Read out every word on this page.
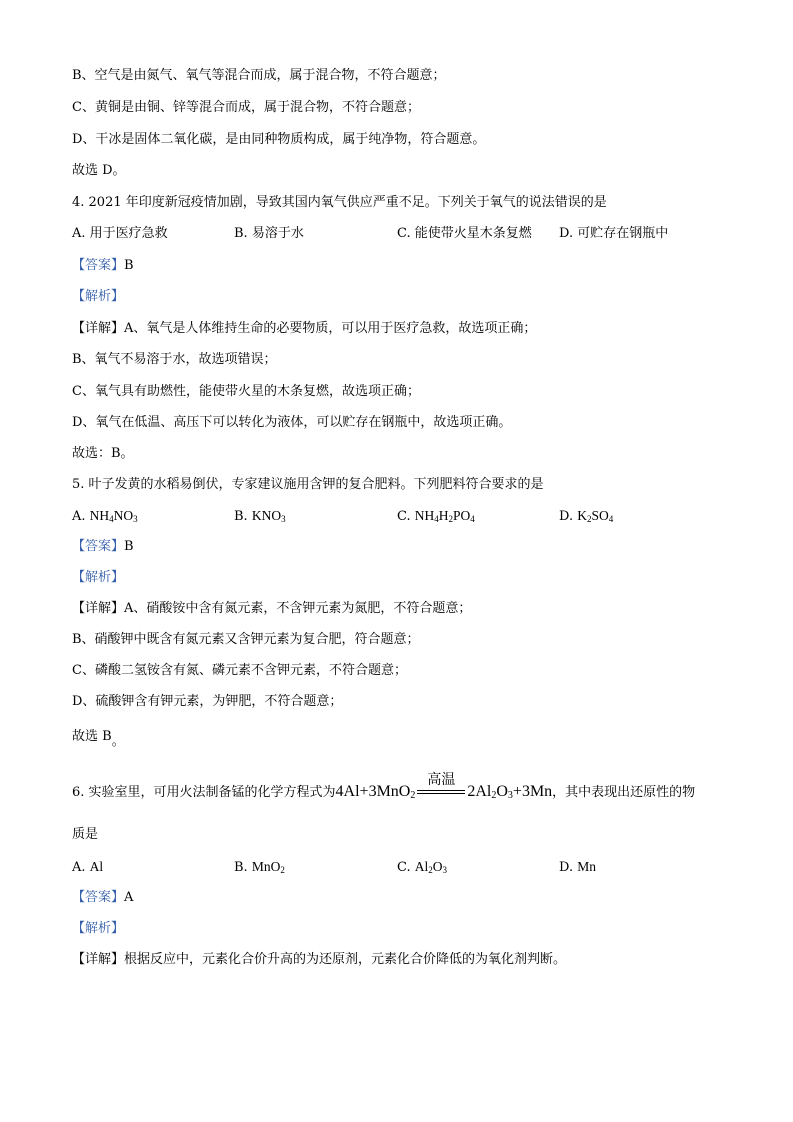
B、空气是由氮气、氧气等混合而成，属于混合物，不符合题意；
C、黄铜是由铜、锌等混合而成，属于混合物，不符合题意；
D、干冰是固体二氧化碳，是由同种物质构成，属于纯净物，符合题意。
故选 D。
4. 2021 年印度新冠疫情加剧，导致其国内氧气供应严重不足。下列关于氧气的说法错误的是
A. 用于医疗急救	B. 易溶于水	C. 能使带火星木条复燃 D. 可贮存在钢瓶中
【答案】B
【解析】
【详解】A、氧气是人体维持生命的必要物质，可以用于医疗急救，故选项正确；
B、氧气不易溶于水，故选项错误；
C、氧气具有助燃性，能使带火星的木条复燃，故选项正确；
D、氧气在低温、高压下可以转化为液体，可以贮存在钢瓶中，故选项正确。
故选：B。
5. 叶子发黄的水稻易倒伏，专家建议施用含钾的复合肥料。下列肥料符合要求的是
A. $NH_4NO_3$	B. $KNO_3$	C. $NH_4H_2PO_4$	D. $K_2SO_4$
【答案】B
【解析】
【详解】A、硝酸铵中含有氮元素，不含钾元素为氮肥，不符合题意；
B、硝酸钾中既含有氮元素又含钾元素为复合肥，符合题意；
C、磷酸二氢铵含有氮、磷元素不含钾元素，不符合题意；
D、硫酸钾含有钾元素，为钾肥，不符合题意；
故选 B。
6. 实验室里，可用火法制备锰的化学方程式为4Al+3MnO$_2$
高温
$2Al_2O_3+3Mn$，其中表现出还原性的物
质是
A. Al	B. MnO$_2$	C. $Al_2O_3$	D. Mn
【答案】A
【解析】
【详解】根据反应中，元素化合价升高的为还原剂，元素化合价降低的为氧化剂判断。
